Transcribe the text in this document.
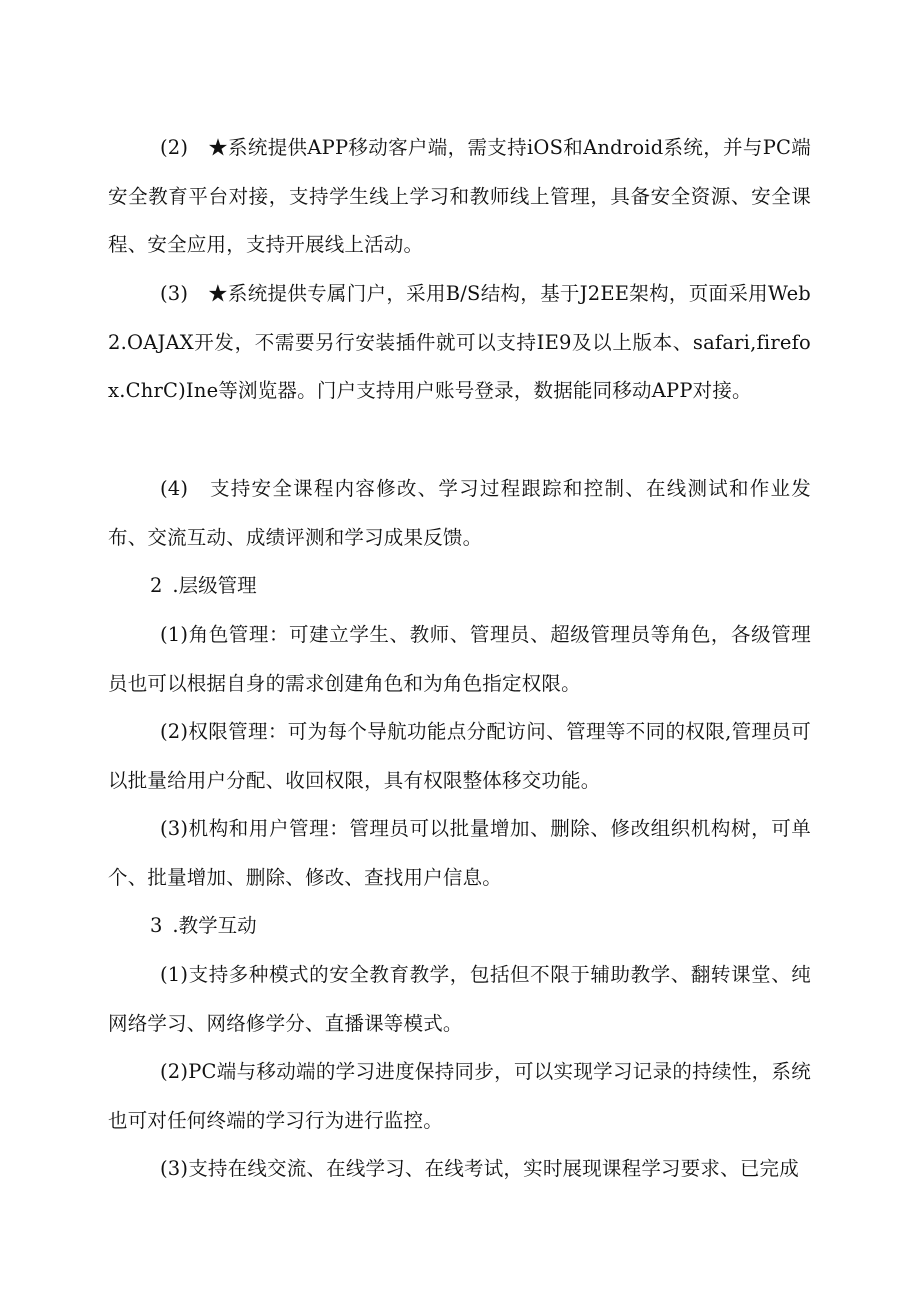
(2)　★系统提供APP移动客户端，需支持iOS和Android系统，并与PC端安全教育平台对接，支持学生线上学习和教师线上管理，具备安全资源、安全课程、安全应用，支持开展线上活动。

(3)　★系统提供专属门户，采用B/S结构，基于J2EE架构，页面采用Web2.OAJAX开发，不需要另行安装插件就可以支持IE9及以上版本、safari,firefox.ChrC)Ine等浏览器。门户支持用户账号登录，数据能同移动APP对接。

(4)　支持安全课程内容修改、学习过程跟踪和控制、在线测试和作业发布、交流互动、成绩评测和学习成果反馈。

2 .层级管理

(1)角色管理：可建立学生、教师、管理员、超级管理员等角色，各级管理员也可以根据自身的需求创建角色和为角色指定权限。

(2)权限管理：可为每个导航功能点分配访问、管理等不同的权限,管理员可以批量给用户分配、收回权限，具有权限整体移交功能。

(3)机构和用户管理：管理员可以批量增加、删除、修改组织机构树，可单个、批量增加、删除、修改、查找用户信息。

3 .教学互动

(1)支持多种模式的安全教育教学，包括但不限于辅助教学、翻转课堂、纯网络学习、网络修学分、直播课等模式。

(2)PC端与移动端的学习进度保持同步，可以实现学习记录的持续性，系统也可对任何终端的学习行为进行监控。

(3)支持在线交流、在线学习、在线考试，实时展现课程学习要求、已完成
